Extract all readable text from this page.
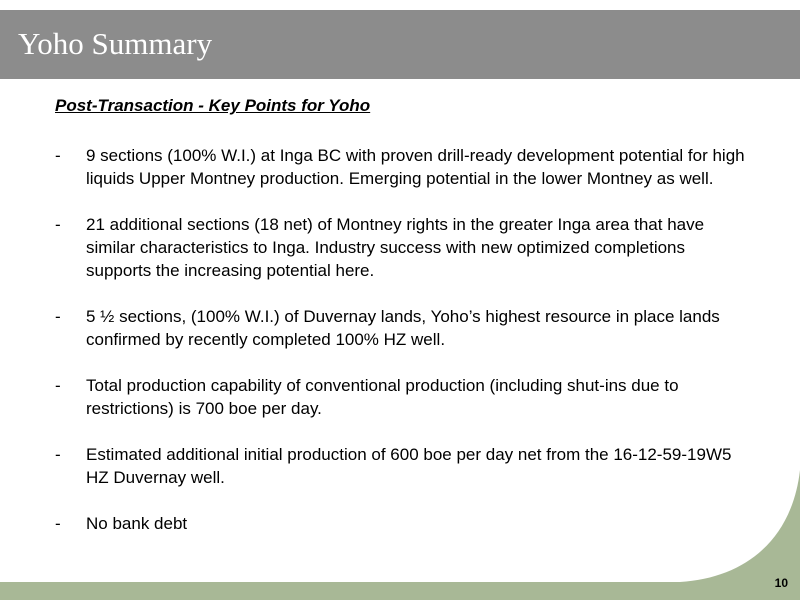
Yoho Summary
Post-Transaction - Key Points for Yoho
- 9 sections (100% W.I.) at Inga BC with proven drill-ready development potential for high liquids Upper Montney production. Emerging potential in the lower Montney as well.
- 21 additional sections (18 net) of Montney rights in the greater Inga area that have similar characteristics to Inga. Industry success with new optimized completions supports the increasing potential here.
- 5 ½ sections, (100% W.I.) of Duvernay lands, Yoho’s highest resource in place lands confirmed by recently completed 100% HZ well.
- Total production capability of conventional production (including shut-ins due to restrictions) is 700 boe per day.
- Estimated additional initial production of 600 boe per day net from the 16-12-59-19W5 HZ Duvernay well.
- No bank debt
10
